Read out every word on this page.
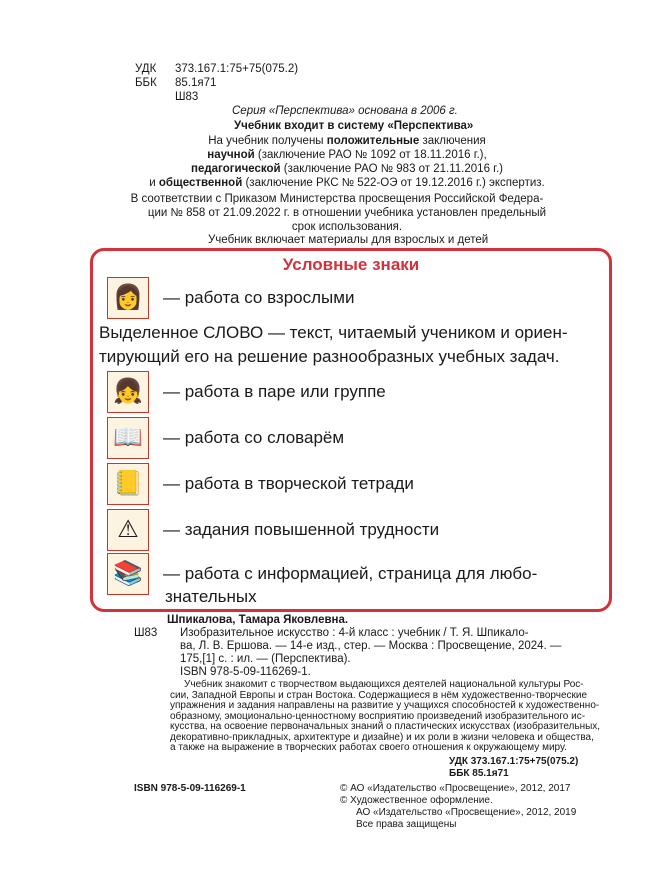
УДК 373.167.1:75+75(075.2)
ББК 85.1я71
Ш83
Серия «Перспектива» основана в 2006 г.
Учебник входит в систему «Перспектива»
На учебник получены положительные заключения
научной (заключение РАО № 1092 от 18.11.2016 г.),
педагогической (заключение РАО № 983 от 21.11.2016 г.)
и общественной (заключение РКС № 522-ОЭ от 19.12.2016 г.) экспертиз.
В соответствии с Приказом Министерства просвещения Российской Федера-
ции № 858 от 21.09.2022 г. в отношении учебника установлен предельный
срок использования.
Учебник включает материалы для взрослых и детей
Условные знаки
👩	— работа со взрослыми
Выделенное СЛОВО — текст, читаемый учеником и ориен-
тирующий его на решение разнообразных учебных задач.
👧	— работа в паре или группе
📖	— работа со словарём
📒	— работа в творческой тетради
⚠	— задания повышенной трудности
📚	— работа с информацией, страница для любо-
знательных
Шпикалова, Тамара Яковлевна.
Ш83 Изобразительное искусство : 4-й класс : учебник / Т. Я. Шпикало-
ва, Л. В. Ершова. — 14-е изд., стер. — Москва : Просвещение, 2024. —
175,[1] с. : ил. — (Перспектива).
ISBN 978-5-09-116269-1.
Учебник знакомит с творчеством выдающихся деятелей национальной культуры Рос-
сии, Западной Европы и стран Востока. Содержащиеся в нём художественно-творческие
упражнения и задания направлены на развитие у учащихся способностей к художественно-
образному, эмоционально-ценностному восприятию произведений изобразительного ис-
кусства, на освоение первоначальных знаний о пластических искусствах (изобразительных,
декоративно-прикладных, архитектуре и дизайне) и их роли в жизни человека и общества,
а также на выражение в творческих работах своего отношения к окружающему миру.
УДК 373.167.1:75+75(075.2)
ББК 85.1я71
ISBN 978-5-09-116269-1	© АО «Издательство «Просвещение», 2012, 2017
© Художественное оформление.
АО «Издательство «Просвещение», 2012, 2019
Все права защищены
